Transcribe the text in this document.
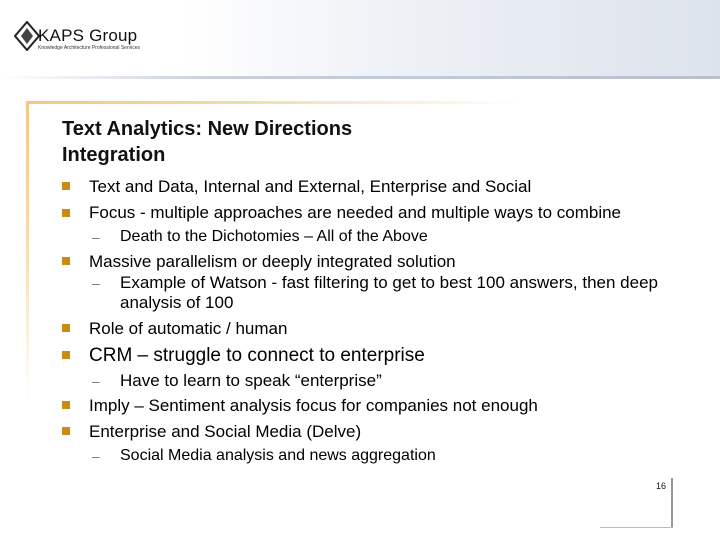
KAPS Group
Knowledge Architecture Professional Services
Text Analytics: New Directions
Integration
Text and Data, Internal and External, Enterprise and Social
Focus - multiple approaches are needed and multiple ways to combine
–	Death to the Dichotomies – All of the Above
Massive parallelism or deeply integrated solution
–	Example of Watson - fast filtering to get to best 100 answers, then deep analysis of 100
Role of automatic / human
CRM – struggle to connect to enterprise
–	Have to learn to speak “enterprise”
Imply – Sentiment analysis focus for companies not enough
Enterprise and Social Media (Delve)
–	Social Media analysis and news aggregation
16
